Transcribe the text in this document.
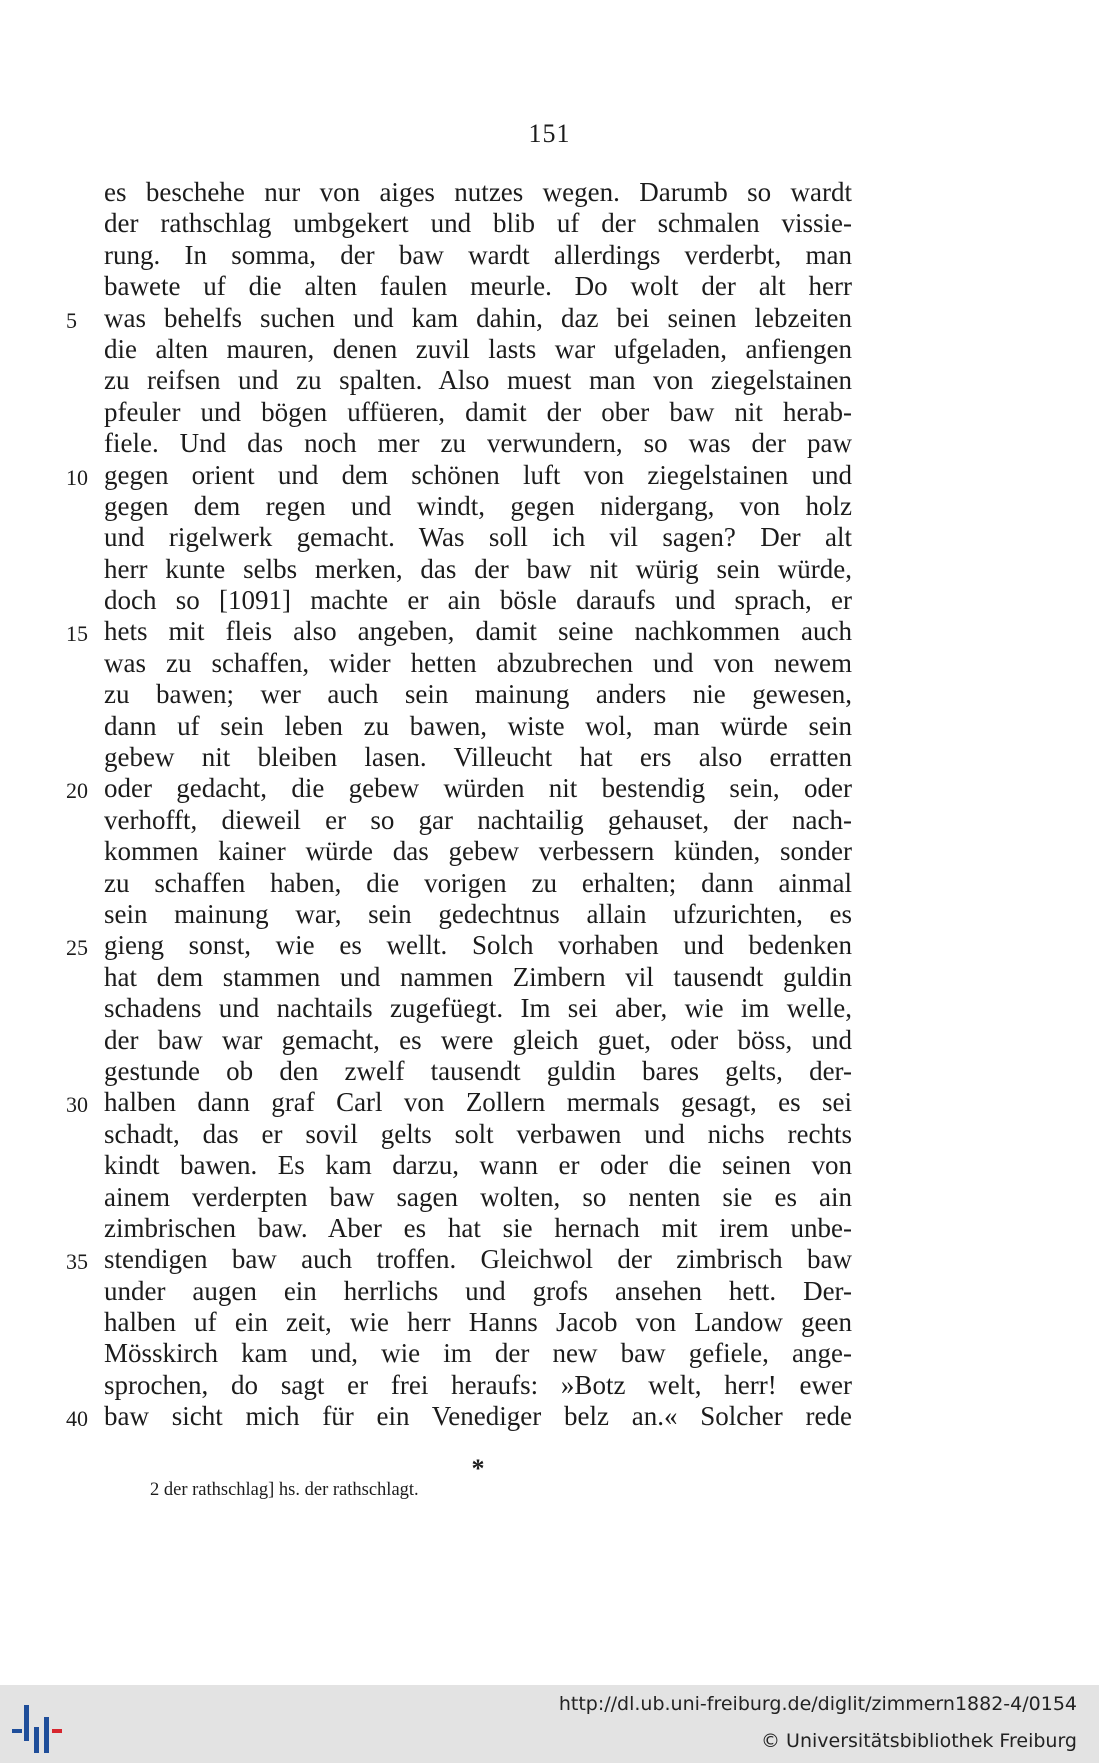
151
es beschehe nur von aiges nutzes wegen. Darumb so wardt
der rathschlag umbgekert und blib uf der schmalen vissie-
rung. In somma, der baw wardt allerdings verderbt, man
bawete uf die alten faulen meurle. Do wolt der alt herr
5	was behelfs suchen und kam dahin, daz bei seinen lebzeiten
die alten mauren, denen zuvil lasts war ufgeladen, anfiengen
zu reifsen und zu spalten. Also muest man von ziegelstainen
pfeuler und bögen uffüeren, damit der ober baw nit herab-
fiele. Und das noch mer zu verwundern, so was der paw
10 gegen orient und dem schönen luft von ziegelstainen und
gegen dem regen und windt, gegen nidergang, von holz
und rigelwerk gemacht. Was soll ich vil sagen? Der alt
herr kunte selbs merken, das der baw nit würig sein würde,
doch so [1091] machte er ain bösle daraufs und sprach, er
15 hets mit fleis also angeben, damit seine nachkommen auch
was zu schaffen, wider hetten abzubrechen und von newem
zu bawen; wer auch sein mainung anders nie gewesen,
dann uf sein leben zu bawen, wiste wol, man würde sein
gebew nit bleiben lasen. Villeucht hat ers also erratten
20 oder gedacht, die gebew würden nit bestendig sein, oder
verhofft, dieweil er so gar nachtailig gehauset, der nach-
kommen kainer würde das gebew verbessern künden, sonder
zu schaffen haben, die vorigen zu erhalten; dann ainmal
sein mainung war, sein gedechtnus allain ufzurichten, es
25 gieng sonst, wie es wellt. Solch vorhaben und bedenken
hat dem stammen und nammen Zimbern vil tausendt guldin
schadens und nachtails zugefüegt. Im sei aber, wie im welle,
der baw war gemacht, es were gleich guet, oder böss, und
gestunde ob den zwelf tausendt guldin bares gelts, der-
30 halben dann graf Carl von Zollern mermals gesagt, es sei
schadt, das er sovil gelts solt verbawen und nichs rechts
kindt bawen. Es kam darzu, wann er oder die seinen von
ainem verderpten baw sagen wolten, so nenten sie es ain
zimbrischen baw. Aber es hat sie hernach mit irem unbe-
35 stendigen baw auch troffen. Gleichwol der zimbrisch baw
under augen ein herrlichs und grofs ansehen hett. Der-
halben uf ein zeit, wie herr Hanns Jacob von Landow geen
Mösskirch kam und, wie im der new baw gefiele, ange-
sprochen, do sagt er frei heraufs: »Botz welt, herr! ewer
40 baw sicht mich für ein Venediger belz an.« Solcher rede
*
2 der rathschlag] hs. der rathschlagt.
http://dl.ub.uni-freiburg.de/diglit/zimmern1882-4/0154
© Universitätsbibliothek Freiburg
